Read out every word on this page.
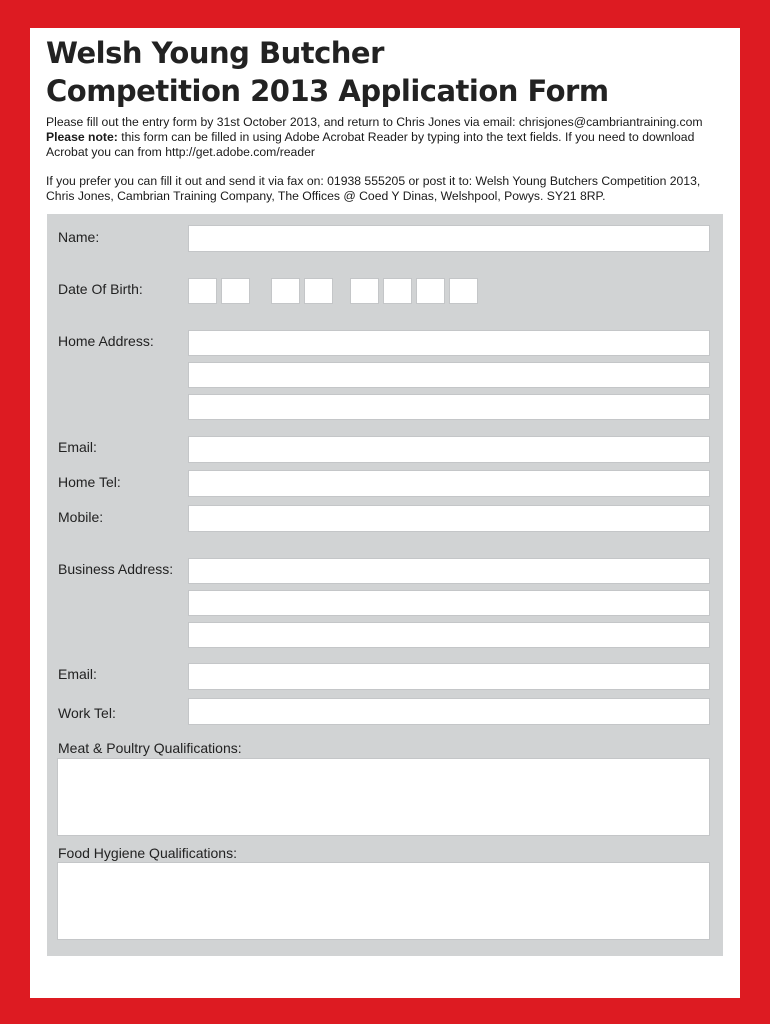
Welsh Young Butcher
Competition 2013 Application Form

Please fill out the entry form by 31st October 2013, and return to Chris Jones via email: chrisjones@cambriantraining.com

Please note: this form can be filled in using Adobe Acrobat Reader by typing into the text fields. If you need to download Acrobat you can from http://get.adobe.com/reader

If you prefer you can fill it out and send it via fax on: 01938 555205 or post it to: Welsh Young Butchers Competition 2013, Chris Jones, Cambrian Training Company, The Offices @ Coed Y Dinas, Welshpool, Powys. SY21 8RP.

Name:
Date Of Birth:
Home Address:
Email:
Home Tel:
Mobile:
Business Address:
Email:
Work Tel:
Meat & Poultry Qualifications:
Food Hygiene Qualifications:
